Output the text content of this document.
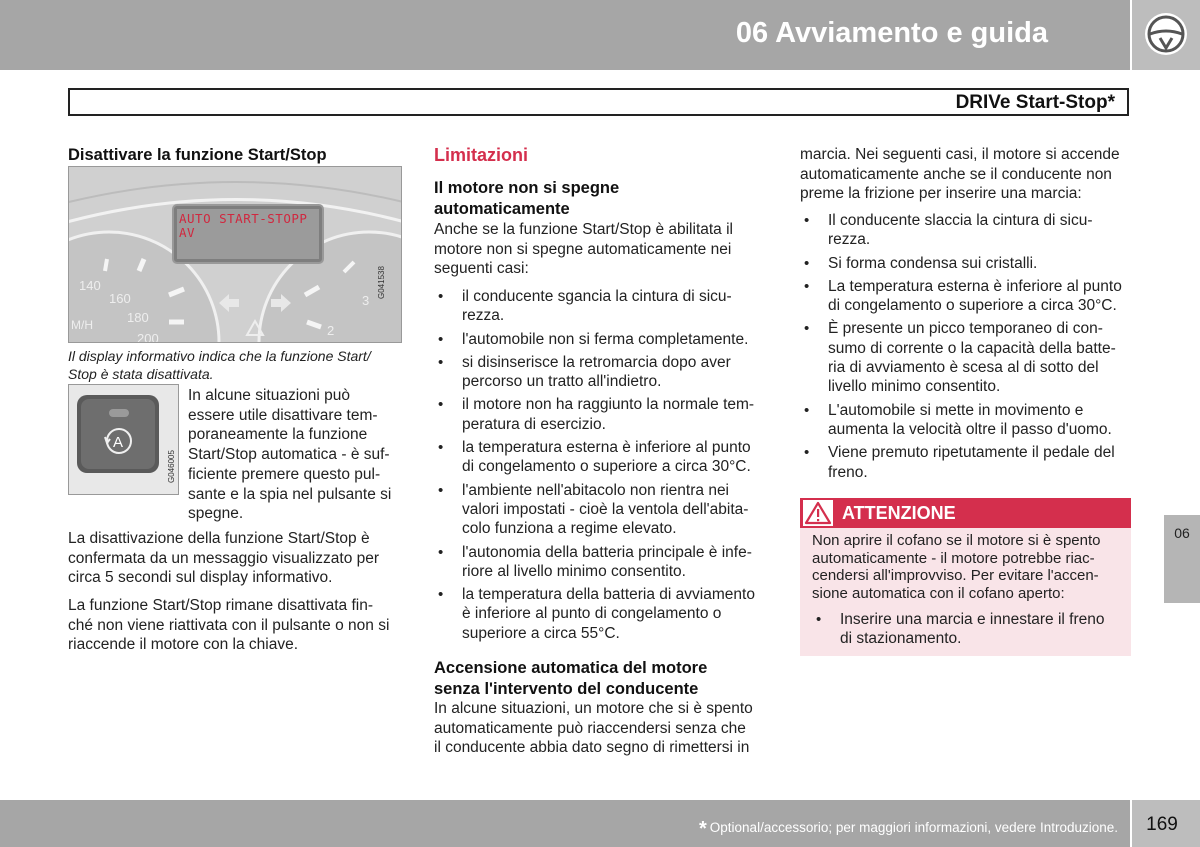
06 Avviamento e guida
DRIVe Start-Stop*
Disattivare la funzione Start/Stop
140
160
180
200
M/H	2
3
AUTO START-STOPP
AV
G041538
Il display informativo indica che la funzione Start/ Stop è stata disattivata.
A
In alcune situazioni può
essere utile disattivare tem-
poraneamente la funzione
Start/Stop automatica - è suf-
ficiente premere questo pul-
sante e la spia nel pulsante si
spegne.
La disattivazione della funzione Start/Stop è
confermata da un messaggio visualizzato per
circa 5 secondi sul display informativo.
La funzione Start/Stop rimane disattivata fin-
ché non viene riattivata con il pulsante o non si
riaccende il motore con la chiave.
Limitazioni
Il motore non si spegne
automaticamente
Anche se la funzione Start/Stop è abilitata il
motore non si spegne automaticamente nei
seguenti casi:
• il conducente sgancia la cintura di sicu-
rezza.
• l'automobile non si ferma completamente.
• si disinserisce la retromarcia dopo aver
percorso un tratto all'indietro.
• il motore non ha raggiunto la normale tem-
peratura di esercizio.
• la temperatura esterna è inferiore al punto
di congelamento o superiore a circa 30°C.
• l'ambiente nell'abitacolo non rientra nei
valori impostati - cioè la ventola dell'abita-
colo funziona a regime elevato.
• l'autonomia della batteria principale è infe-
riore al livello minimo consentito.
• la temperatura della batteria di avviamento
è inferiore al punto di congelamento o
superiore a circa 55°C.
Accensione automatica del motore
senza l'intervento del conducente
In alcune situazioni, un motore che si è spento
automaticamente può riaccendersi senza che
il conducente abbia dato segno di rimettersi in
marcia. Nei seguenti casi, il motore si accende
automaticamente anche se il conducente non
preme la frizione per inserire una marcia:
• Il conducente slaccia la cintura di sicu-
rezza.
• Si forma condensa sui cristalli.
• La temperatura esterna è inferiore al punto
di congelamento o superiore a circa 30°C.
• È presente un picco temporaneo di con-
sumo di corrente o la capacità della batte-
ria di avviamento è scesa al di sotto del
livello minimo consentito.
• L'automobile si mette in movimento e
aumenta la velocità oltre il passo d'uomo.
• Viene premuto ripetutamente il pedale del
freno.
ATTENZIONE
Non aprire il cofano se il motore si è spento
automaticamente - il motore potrebbe riac-
cendersi all'improvviso. Per evitare l'accen-
sione automatica con il cofano aperto:
• Inserire una marcia e innestare il freno
di stazionamento.
06
* Optional/accessorio; per maggiori informazioni, vedere Introduzione.	169
